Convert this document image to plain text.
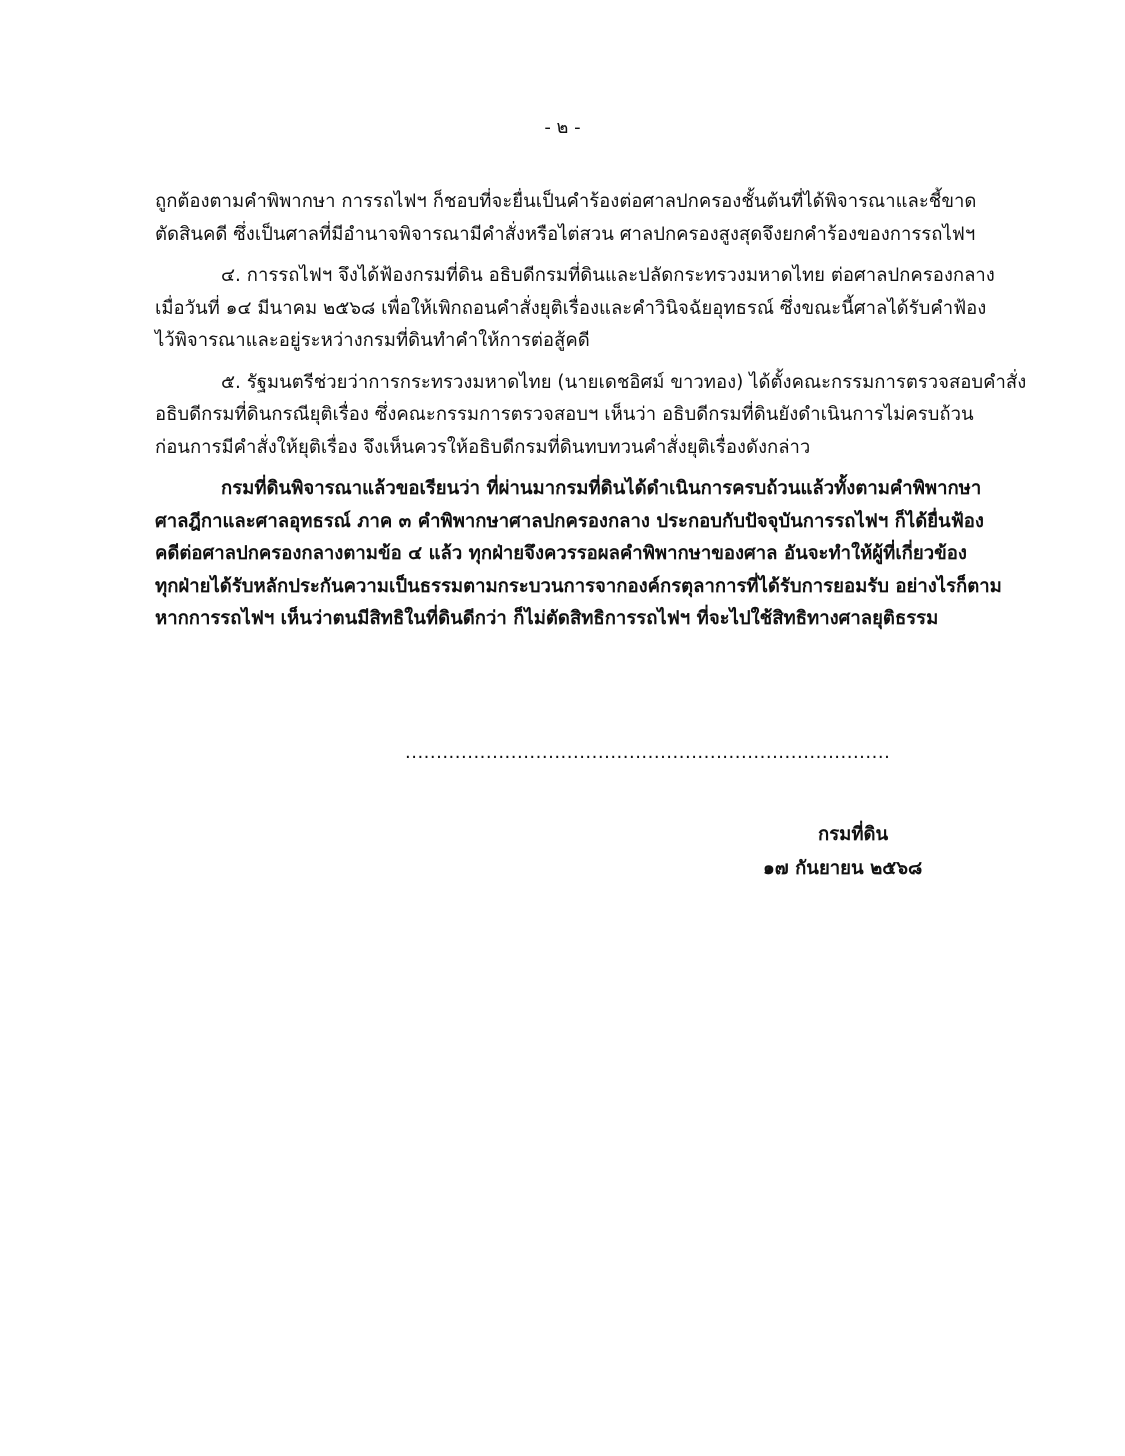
- ๒ -

ถูกต้องตามคำพิพากษา การรถไฟฯ ก็ชอบที่จะยื่นเป็นคำร้องต่อศาลปกครองชั้นต้นที่ได้พิจารณาและชี้ขาด
ตัดสินคดี ซึ่งเป็นศาลที่มีอำนาจพิจารณามีคำสั่งหรือไต่สวน ศาลปกครองสูงสุดจึงยกคำร้องของการรถไฟฯ

๔. การรถไฟฯ จึงได้ฟ้องกรมที่ดิน อธิบดีกรมที่ดินและปลัดกระทรวงมหาดไทย ต่อศาลปกครองกลาง
เมื่อวันที่ ๑๔ มีนาคม ๒๕๖๘ เพื่อให้เพิกถอนคำสั่งยุติเรื่องและคำวินิจฉัยอุทธรณ์ ซึ่งขณะนี้ศาลได้รับคำฟ้อง
ไว้พิจารณาและอยู่ระหว่างกรมที่ดินทำคำให้การต่อสู้คดี

๕. รัฐมนตรีช่วยว่าการกระทรวงมหาดไทย (นายเดชอิศม์ ขาวทอง) ได้ตั้งคณะกรรมการตรวจสอบคำสั่ง
อธิบดีกรมที่ดินกรณียุติเรื่อง ซึ่งคณะกรรมการตรวจสอบฯ เห็นว่า อธิบดีกรมที่ดินยังดำเนินการไม่ครบถ้วน
ก่อนการมีคำสั่งให้ยุติเรื่อง จึงเห็นควรให้อธิบดีกรมที่ดินทบทวนคำสั่งยุติเรื่องดังกล่าว

กรมที่ดินพิจารณาแล้วขอเรียนว่า ที่ผ่านมากรมที่ดินได้ดำเนินการครบถ้วนแล้วทั้งตามคำพิพากษา
ศาลฎีกาและศาลอุทธรณ์ ภาค ๓ คำพิพากษาศาลปกครองกลาง ประกอบกับปัจจุบันการรถไฟฯ ก็ได้ยื่นฟ้อง
คดีต่อศาลปกครองกลางตามข้อ ๔ แล้ว ทุกฝ่ายจึงควรรอผลคำพิพากษาของศาล อันจะทำให้ผู้ที่เกี่ยวข้อง
ทุกฝ่ายได้รับหลักประกันความเป็นธรรมตามกระบวนการจากองค์กรตุลาการที่ได้รับการยอมรับ อย่างไรก็ตาม
หากการรถไฟฯ เห็นว่าตนมีสิทธิในที่ดินดีกว่า ก็ไม่ตัดสิทธิการรถไฟฯ ที่จะไปใช้สิทธิทางศาลยุติธรรม

..............................................................................
กรมที่ดิน
๑๗ กันยายน ๒๕๖๘
